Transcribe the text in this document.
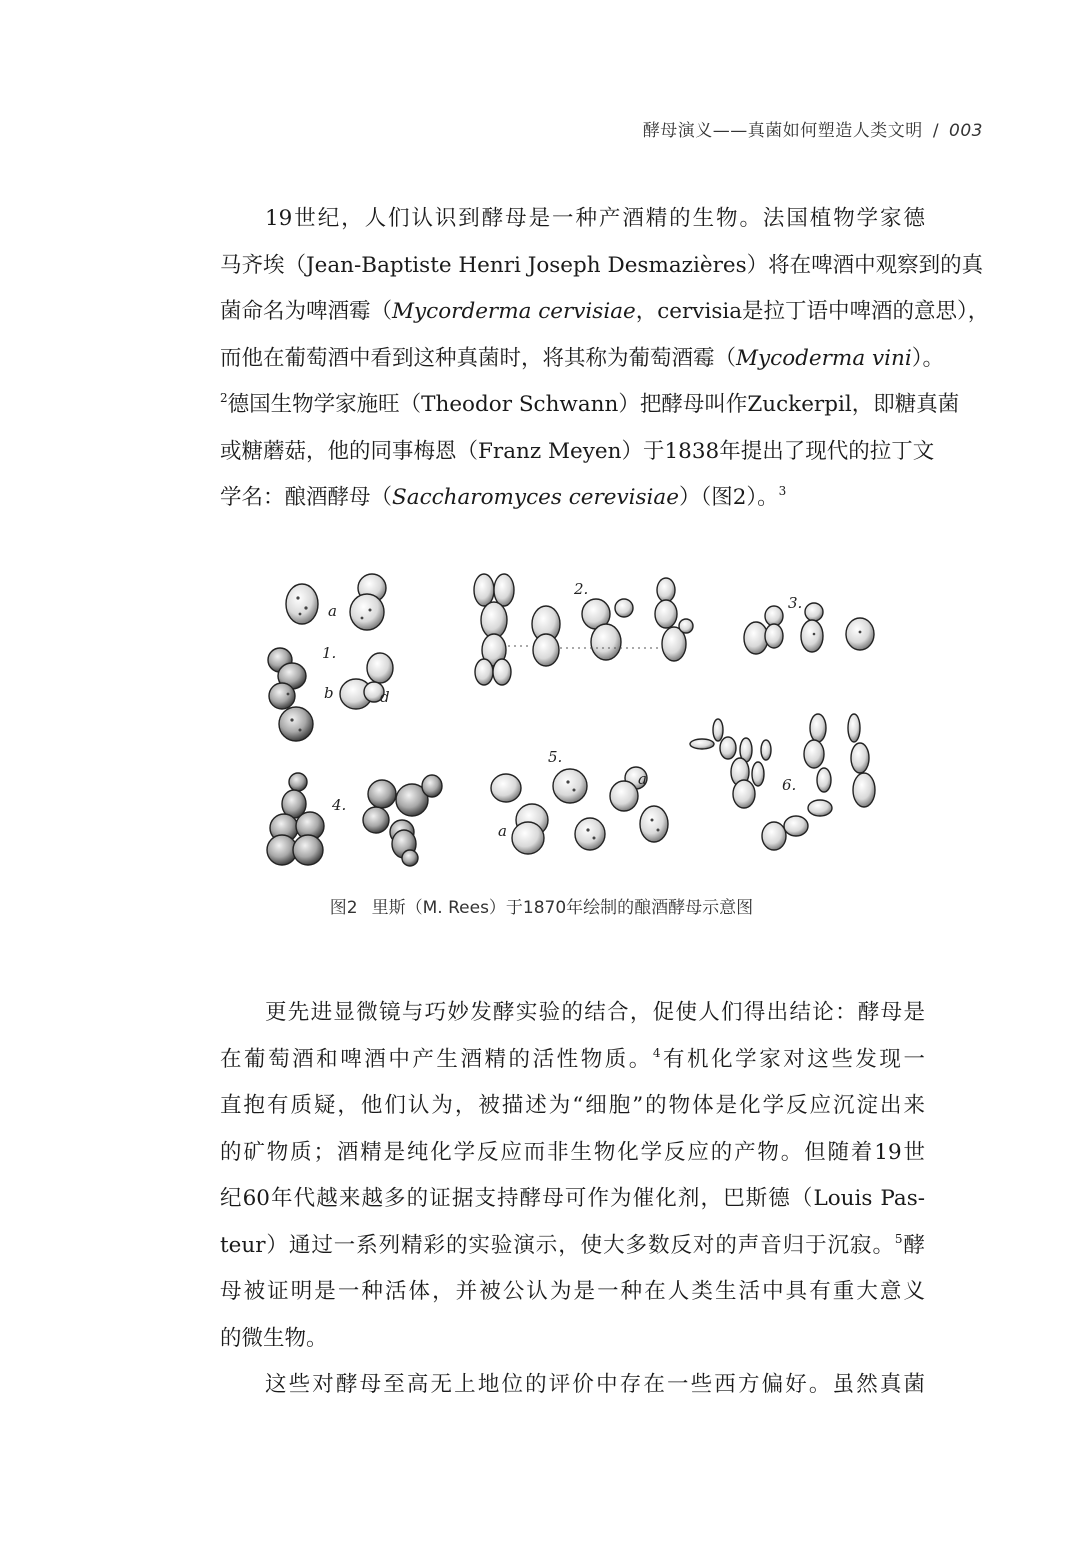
酵母演义——真菌如何塑造人类文明 / 003
19世纪，人们认识到酵母是一种产酒精的生物。法国植物学家德
马齐埃（Jean-Baptiste Henri Joseph Desmazières）将在啤酒中观察到的真
菌命名为啤酒霉（Mycorderma cervisiae，cervisia是拉丁语中啤酒的意思），
而他在葡萄酒中看到这种真菌时，将其称为葡萄酒霉（Mycoderma vini）。
$^2$德国生物学家施旺（Theodor Schwann）把酵母叫作Zuckerpil，即糖真菌
或糖蘑菇，他的同事梅恩（Franz Meyen）于1838年提出了现代的拉丁文
学名：酿酒酵母（Saccharomyces cerevisiae）（图2）。$^3$
a
1.
b	d
2.
3.
4.
5.
a
a
6.
图2 里斯（M. Rees）于1870年绘制的酿酒酵母示意图
更先进显微镜与巧妙发酵实验的结合，促使人们得出结论：酵母是
在葡萄酒和啤酒中产生酒精的活性物质。$^4$有机化学家对这些发现一
直抱有质疑，他们认为，被描述为“细胞”的物体是化学反应沉淀出来
的矿物质；酒精是纯化学反应而非生物化学反应的产物。但随着19世
纪60年代越来越多的证据支持酵母可作为催化剂，巴斯德（Louis Pas-
teur）通过一系列精彩的实验演示，使大多数反对的声音归于沉寂。$^5$酵
母被证明是一种活体，并被公认为是一种在人类生活中具有重大意义
的微生物。
这些对酵母至高无上地位的评价中存在一些西方偏好。虽然真菌
